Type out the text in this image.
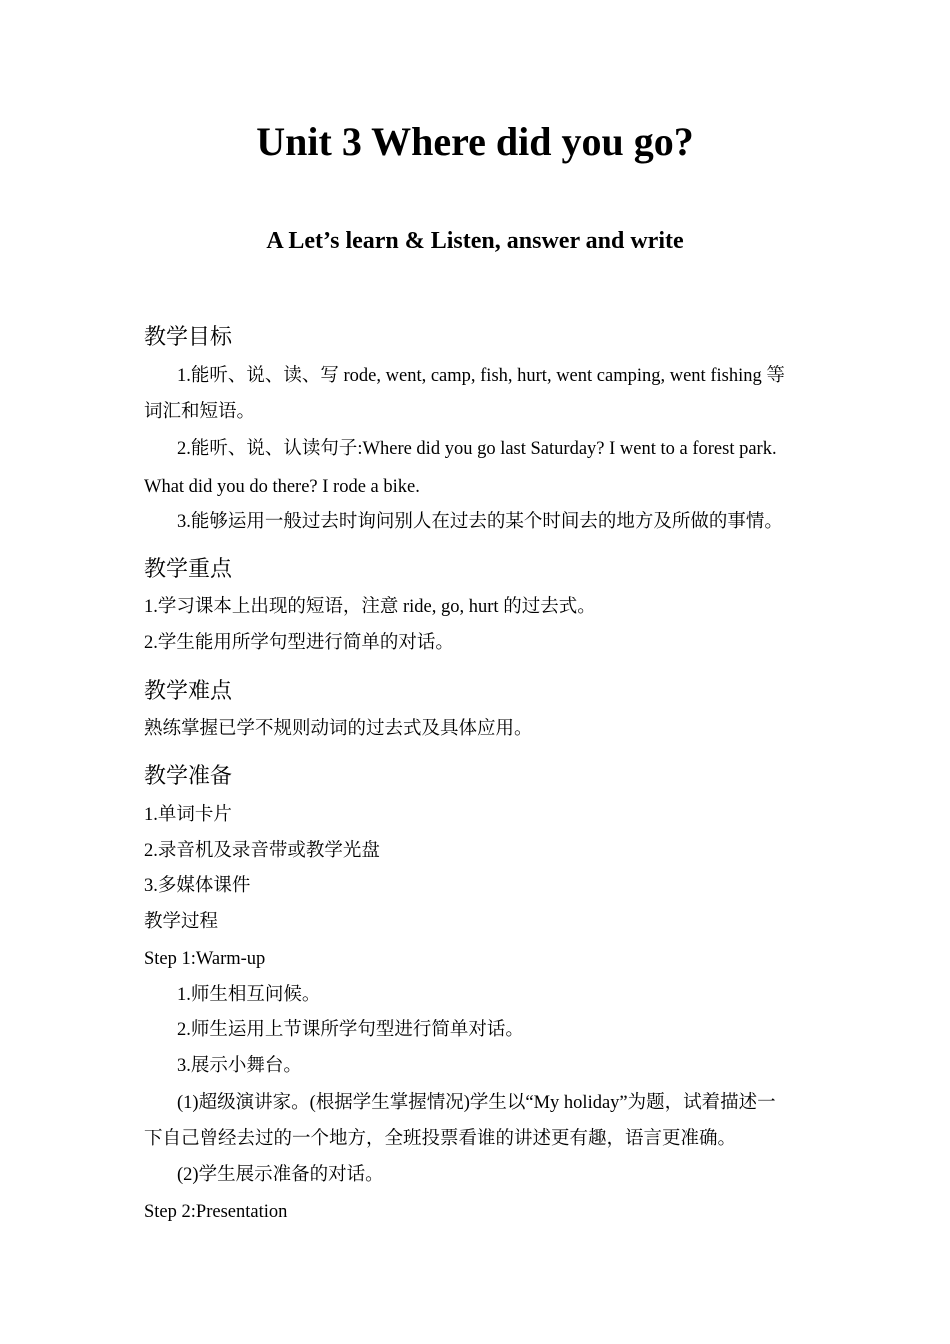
Unit 3 Where did you go?
A Let’s learn & Listen, answer and write
教学目标
1.能听、说、读、写 rode, went, camp, fish, hurt, went camping, went fishing 等
词汇和短语。
2.能听、说、认读句子:Where did you go last Saturday? I went to a forest park.
What did you do there? I rode a bike.
3.能够运用一般过去时询问别人在过去的某个时间去的地方及所做的事情。
教学重点
1.学习课本上出现的短语，注意 ride, go, hurt 的过去式。
2.学生能用所学句型进行简单的对话。
教学难点
熟练掌握已学不规则动词的过去式及具体应用。
教学准备
1.单词卡片
2.录音机及录音带或教学光盘
3.多媒体课件
教学过程
Step 1:Warm-up
1.师生相互问候。
2.师生运用上节课所学句型进行简单对话。
3.展示小舞台。
(1)超级演讲家。(根据学生掌握情况)学生以“My holiday”为题，试着描述一
下自己曾经去过的一个地方，全班投票看谁的讲述更有趣，语言更准确。
(2)学生展示准备的对话。
Step 2:Presentation
